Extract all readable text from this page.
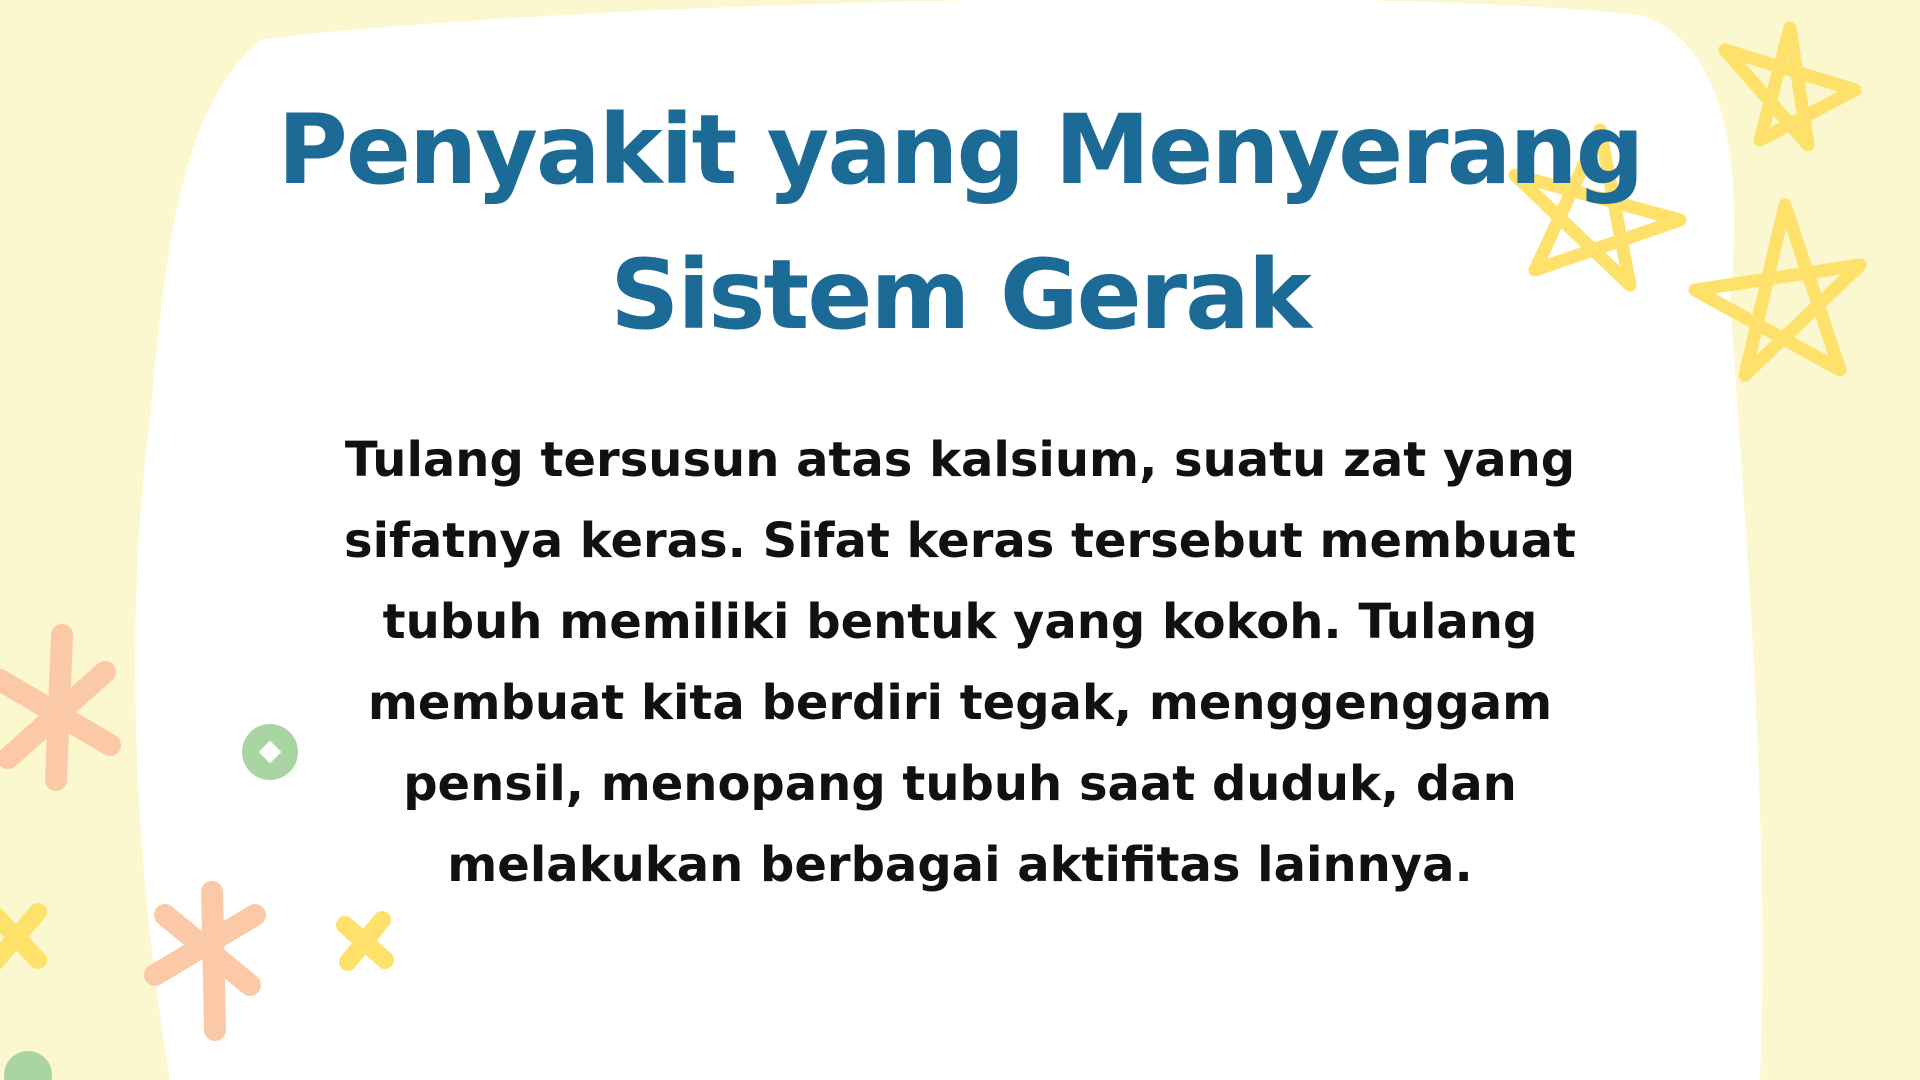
Penyakit yang Menyerang
Sistem Gerak

Tulang tersusun atas kalsium, suatu zat yang
sifatnya keras. Sifat keras tersebut membuat
tubuh memiliki bentuk yang kokoh. Tulang
membuat kita berdiri tegak, menggenggam
pensil, menopang tubuh saat duduk, dan
melakukan berbagai aktifitas lainnya.
